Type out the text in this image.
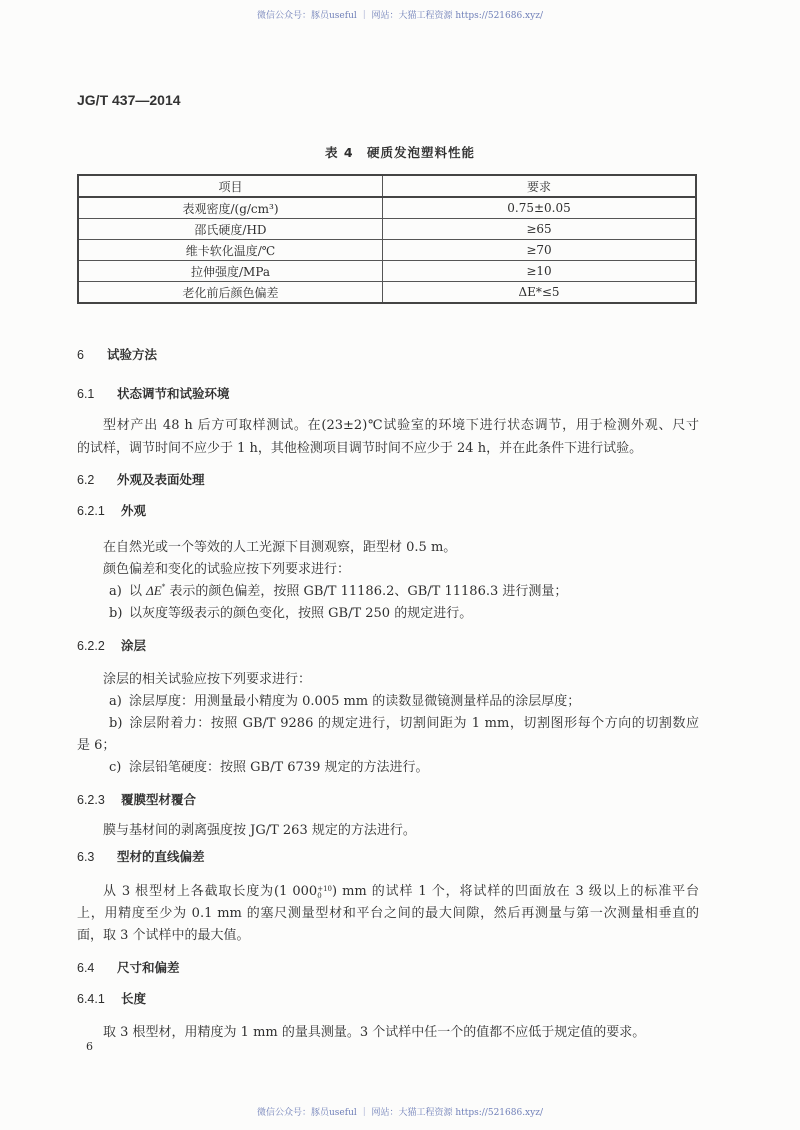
微信公众号：豚员useful ｜ 网站：大猫工程资源 https://521686.xyz/
JG/T 437—2014
表 4　硬质发泡塑料性能
项目	要求
表观密度/(g/cm³)	0.75±0.05
邵氏硬度/HD	≥65
维卡软化温度/℃	≥70
拉伸强度/MPa	≥10
老化前后颜色偏差	ΔE*≤5
6 试验方法
6.1 状态调节和试验环境
型材产出 48 h 后方可取样测试。在(23±2)℃试验室的环境下进行状态调节，用于检测外观、尺寸
的试样，调节时间不应少于 1 h，其他检测项目调节时间不应少于 24 h，并在此条件下进行试验。
6.2 外观及表面处理
6.2.1 外观
在自然光或一个等效的人工光源下目测观察，距型材 0.5 m。
颜色偏差和变化的试验应按下列要求进行：
a) 以 ΔE* 表示的颜色偏差，按照 GB/T 11186.2、GB/T 11186.3 进行测量；
b) 以灰度等级表示的颜色变化，按照 GB/T 250 的规定进行。
6.2.2 涂层
涂层的相关试验应按下列要求进行：
a) 涂层厚度：用测量最小精度为 0.005 mm 的读数显微镜测量样品的涂层厚度；
b) 涂层附着力：按照 GB/T 9286 的规定进行，切割间距为 1 mm，切割图形每个方向的切割数应
是 6；
c) 涂层铅笔硬度：按照 GB/T 6739 规定的方法进行。
6.2.3 覆膜型材覆合
膜与基材间的剥离强度按 JG/T 263 规定的方法进行。
6.3 型材的直线偏差
从 3 根型材上各截取长度为(1 000 +10
0 ) mm 的试样 1 个，将试样的凹面放在 3 级以上的标准平台
上，用精度至少为 0.1 mm 的塞尺测量型材和平台之间的最大间隙，然后再测量与第一次测量相垂直的
面，取 3 个试样中的最大值。
6.4 尺寸和偏差
6.4.1 长度
取 3 根型材，用精度为 1 mm 的量具测量。3 个试样中任一个的值都不应低于规定值的要求。
6
微信公众号：豚员useful ｜ 网站：大猫工程资源 https://521686.xyz/
